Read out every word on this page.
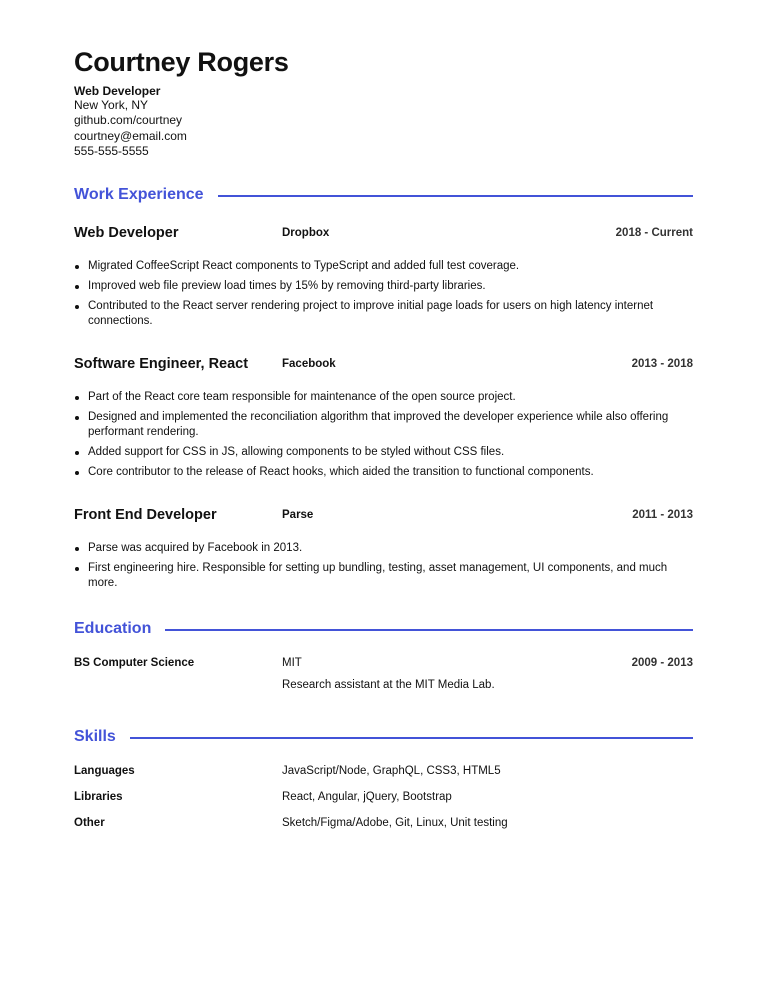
Courtney Rogers
Web Developer
New York, NY
github.com/courtney
courtney@email.com
555-555-5555
Work Experience
Web Developer	Dropbox	2018 - Current
Migrated CoffeeScript React components to TypeScript and added full test coverage.
Improved web file preview load times by 15% by removing third-party libraries.
Contributed to the React server rendering project to improve initial page loads for users on high latency internet connections.
Software Engineer, React	Facebook	2013 - 2018
Part of the React core team responsible for maintenance of the open source project.
Designed and implemented the reconciliation algorithm that improved the developer experience while also offering performant rendering.
Added support for CSS in JS, allowing components to be styled without CSS files.
Core contributor to the release of React hooks, which aided the transition to functional components.
Front End Developer	Parse	2011 - 2013
Parse was acquired by Facebook in 2013.
First engineering hire. Responsible for setting up bundling, testing, asset management, UI components, and much more.
Education
BS Computer Science	MIT	2009 - 2013
Research assistant at the MIT Media Lab.
Skills
Languages	JavaScript/Node, GraphQL, CSS3, HTML5
Libraries	React, Angular, jQuery, Bootstrap
Other	Sketch/Figma/Adobe, Git, Linux, Unit testing
